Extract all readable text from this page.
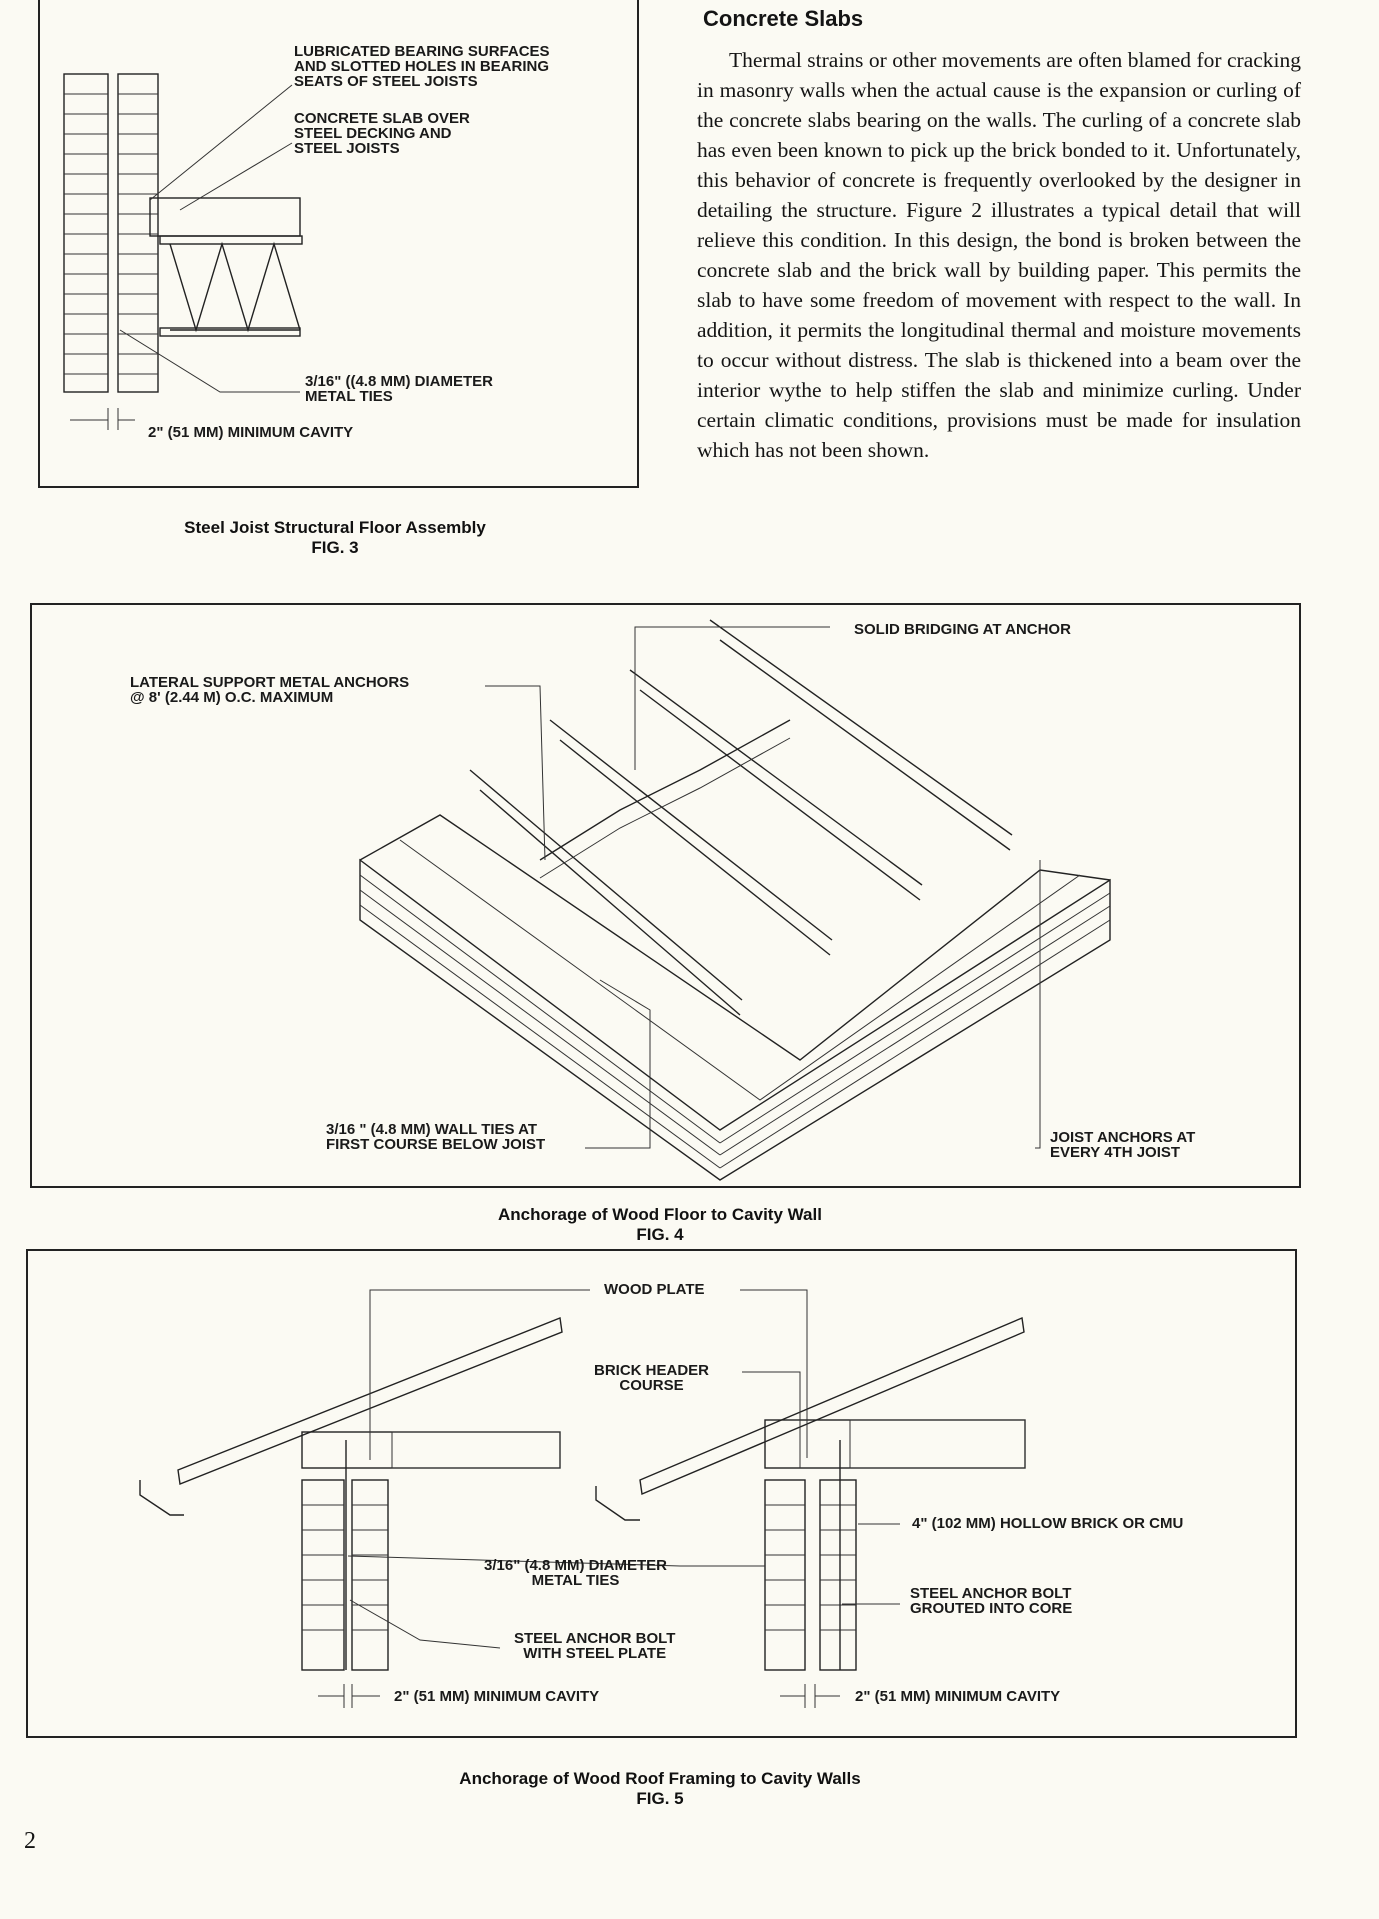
Concrete Slabs
Thermal strains or other movements are often blamed for cracking in masonry walls when the actual cause is the expansion or curling of the concrete slabs bearing on the walls. The curling of a concrete slab has even been known to pick up the brick bonded to it. Unfortunately, this behavior of concrete is frequently overlooked by the designer in detailing the structure. Figure 2 illustrates a typical detail that will relieve this condition. In this design, the bond is broken between the concrete slab and the brick wall by building paper. This permits the slab to have some freedom of movement with respect to the wall. In addition, it permits the longitudinal thermal and moisture movements to occur without distress. The slab is thickened into a beam over the interior wythe to help stiffen the slab and minimize curling. Under certain climatic conditions, provisions must be made for insulation which has not been shown.
LUBRICATED BEARING SURFACES
AND SLOTTED HOLES IN BEARING
SEATS OF STEEL JOISTS
CONCRETE SLAB OVER
STEEL DECKING AND
STEEL JOISTS
3/16" ((4.8 MM) DIAMETER
METAL TIES
2" (51 MM) MINIMUM CAVITY
Steel Joist Structural Floor Assembly
FIG. 3
SOLID BRIDGING AT ANCHOR
LATERAL SUPPORT METAL ANCHORS
@ 8' (2.44 M) O.C. MAXIMUM
3/16 " (4.8 MM) WALL TIES AT
FIRST COURSE BELOW JOIST	JOIST ANCHORS AT
EVERY 4TH JOIST
Anchorage of Wood Floor to Cavity Wall
FIG. 4
WOOD PLATE
BRICK HEADER
COURSE
4" (102 MM) HOLLOW BRICK OR CMU
3/16" (4.8 MM) DIAMETER
METAL TIES
STEEL ANCHOR BOLT
GROUTED INTO CORE
STEEL ANCHOR BOLT
WITH STEEL PLATE
2" (51 MM) MINIMUM CAVITY	2" (51 MM) MINIMUM CAVITY
Anchorage of Wood Roof Framing to Cavity Walls
FIG. 5
2
